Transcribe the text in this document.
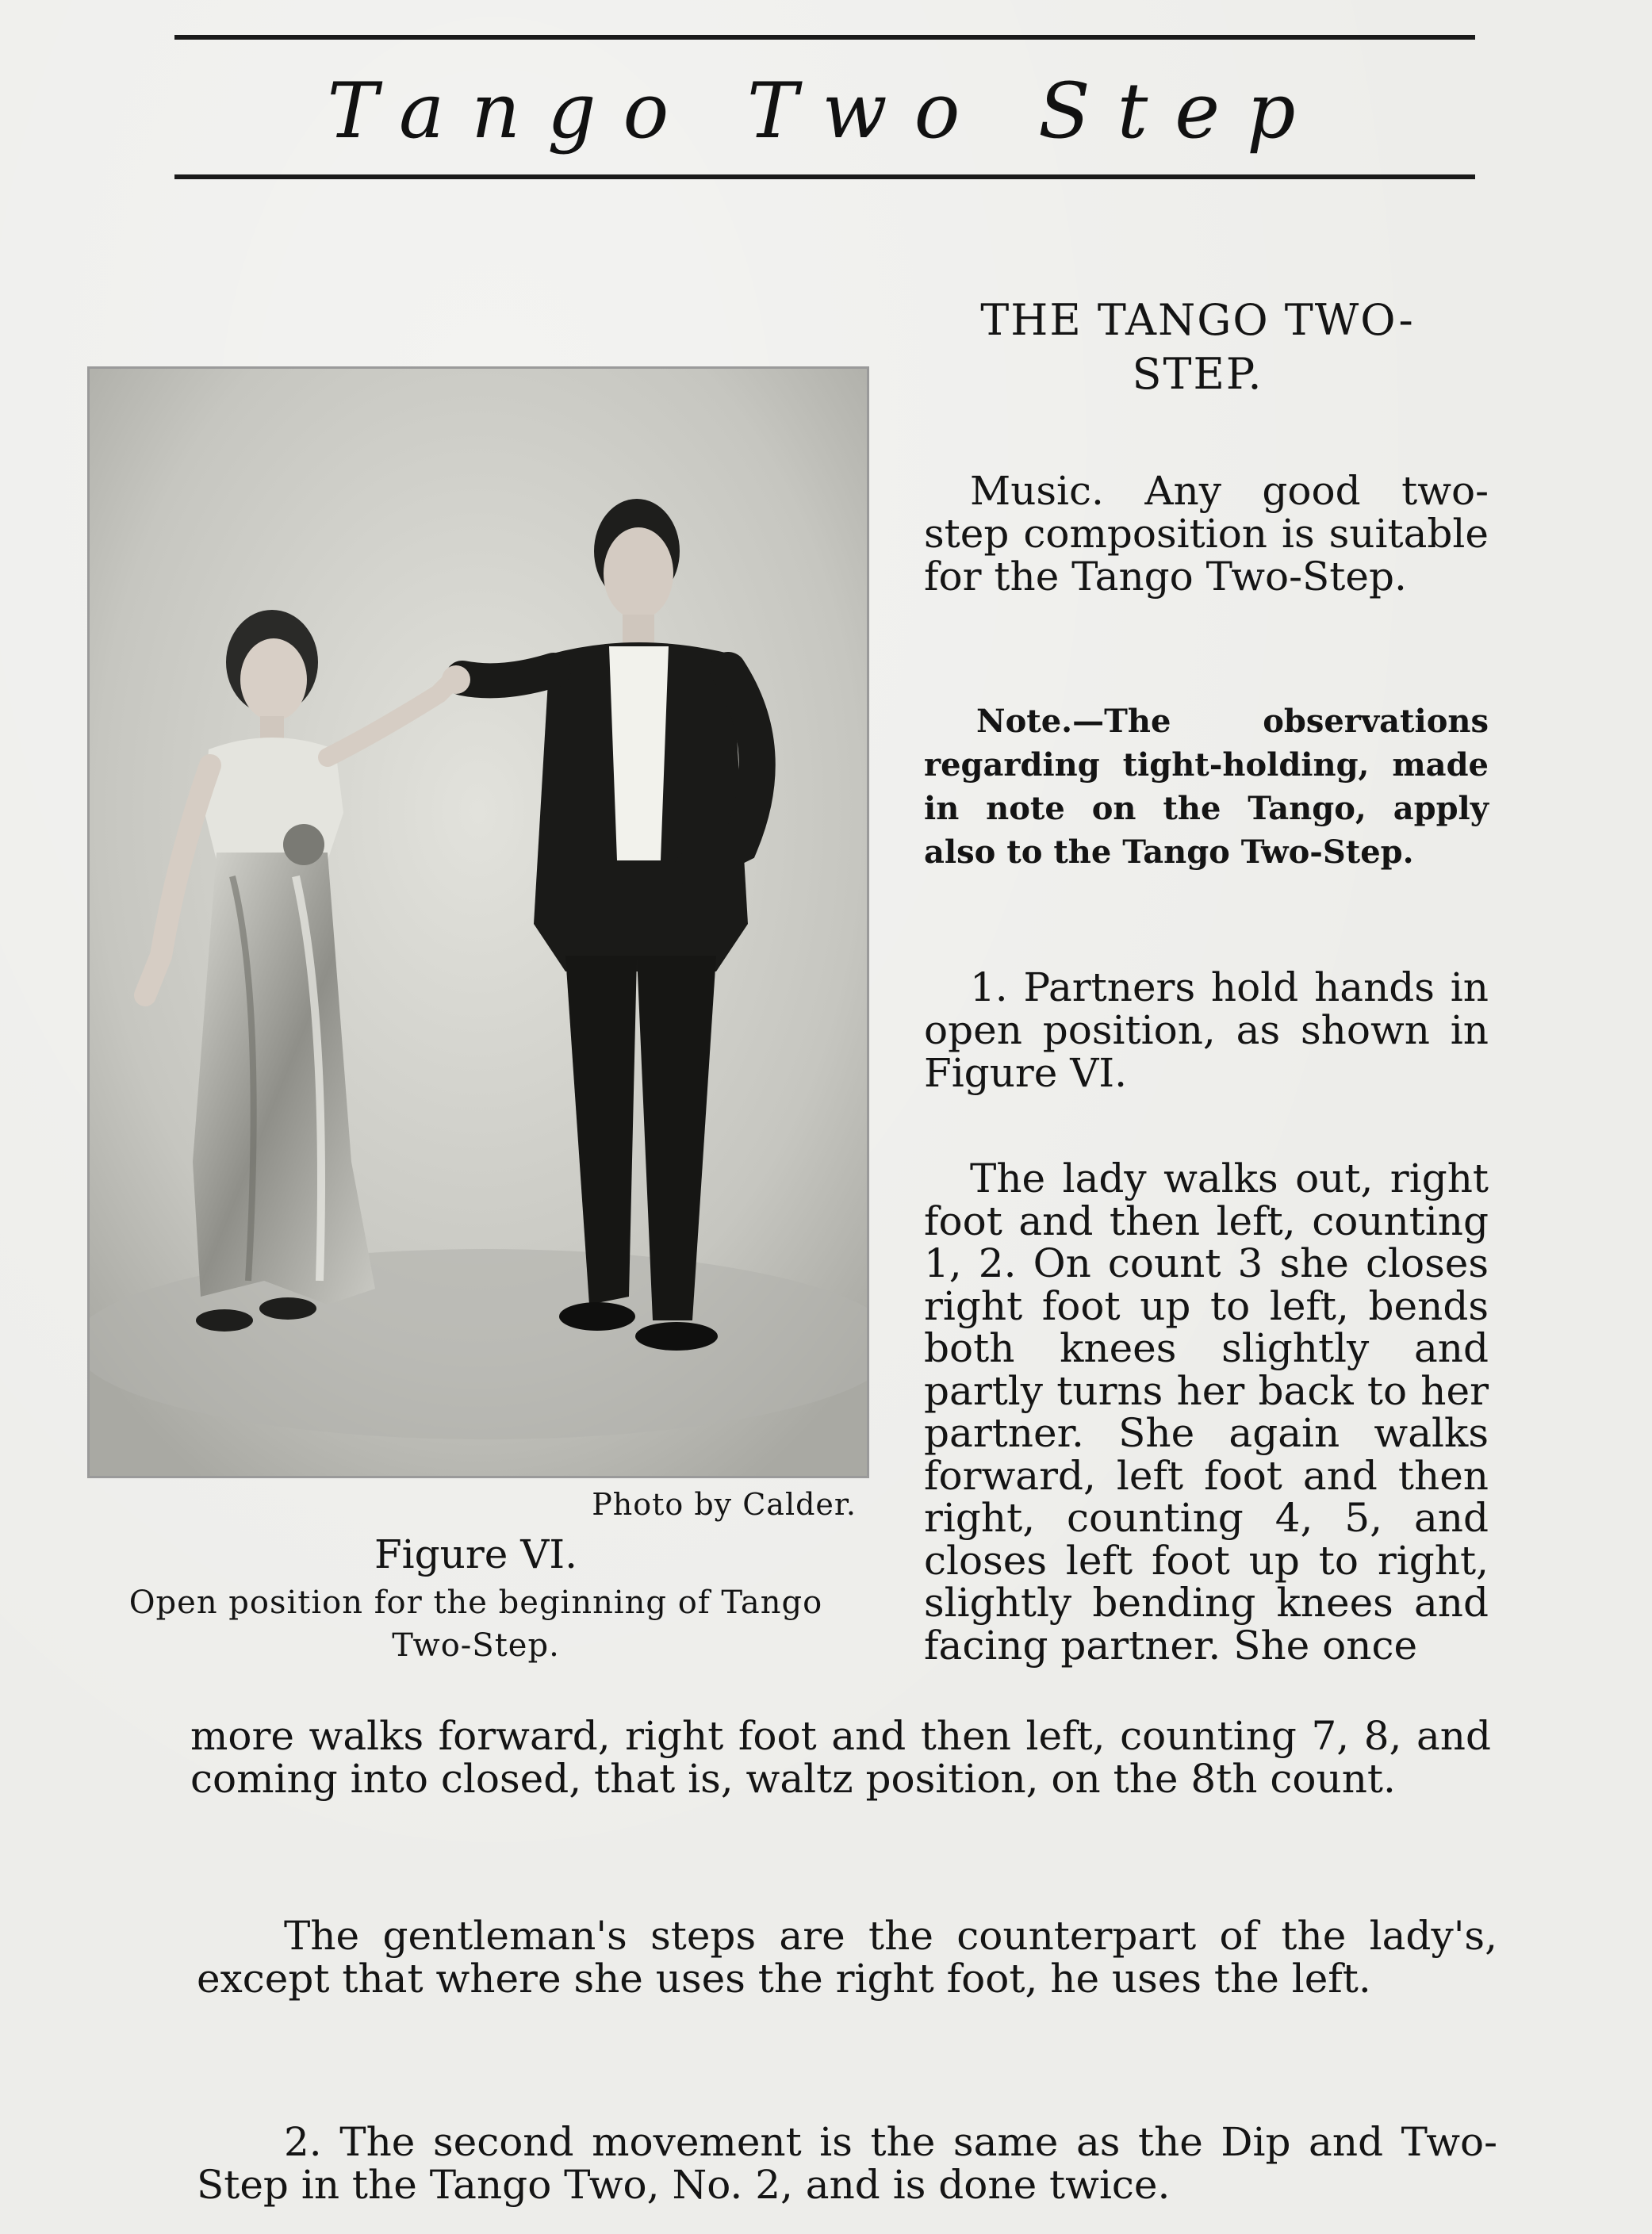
Tango Two Step
THE TANGO TWO-STEP.
Music. Any good two-step composition is suitable for the Tango Two-Step.
Note.—The observations regarding tight-holding, made in note on the Tango, apply also to the Tango Two-Step.
1. Partners hold hands in open position, as shown in Figure VI.
The lady walks out, right foot and then left, counting 1, 2. On count 3 she closes right foot up to left, bends both knees slightly and partly turns her back to her partner. She again walks forward, left foot and then right, counting 4, 5, and closes left foot up to right, slightly bending knees and facing partner. She once
Photo by Calder.
Figure VI.
Open position for the beginning of Tango Two-Step.
more walks forward, right foot and then left, counting 7, 8, and coming into closed, that is, waltz position, on the 8th count.
The gentleman's steps are the counterpart of the lady's, except that where she uses the right foot, he uses the left.
2. The second movement is the same as the Dip and Two-Step in the Tango Two, No. 2, and is done twice.
